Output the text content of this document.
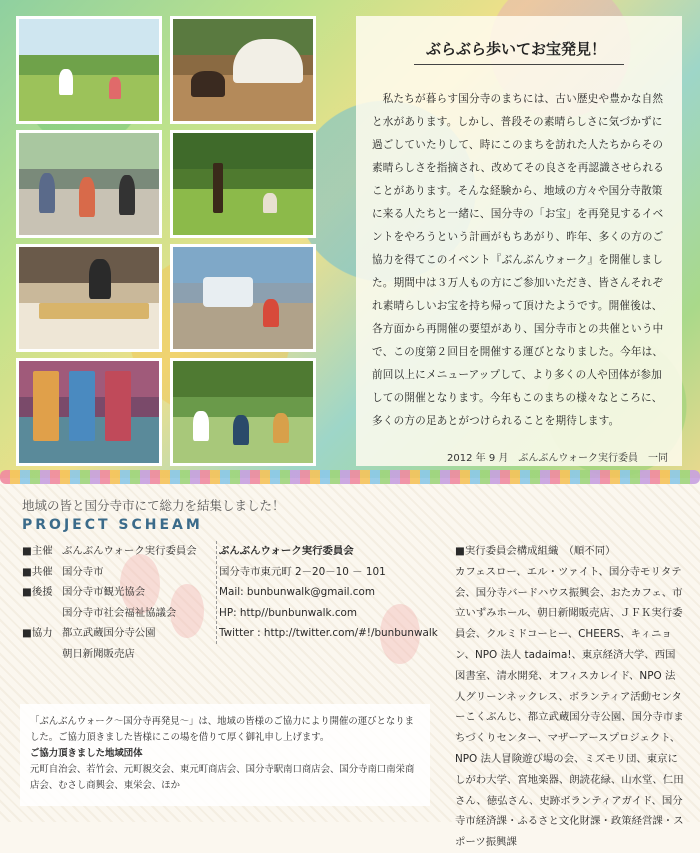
ぶらぶら歩いてお宝発見！
私たちが暮らす国分寺のまちには、古い歴史や豊かな自然と水があります。しかし、普段その素晴らしさに気づかずに過ごしていたりして、時にこのまちを訪れた人たちからその素晴らしさを指摘され、改めてその良さを再認識させられることがあります。そんな経験から、地域の方々や国分寺散策に来る人たちと一緒に、国分寺の「お宝」を再発見するイベントをやろうという計画がもちあがり、昨年、多くの方のご協力を得てこのイベント『ぶんぶんウォーク』を開催しました。期間中は３万人もの方にご参加いただき、皆さんそれぞれ素晴らしいお宝を持ち帰って頂けたようです。開催後は、各方面から再開催の要望があり、国分寺市との共催という中で、この度第２回目を開催する運びとなりました。今年は、前回以上にメニューアップして、より多くの人や団体が参加しての開催となります。今年もこのまちの様々なところに、多くの方の足あとがつけられることを期待します。
2012 年 9 月　ぶんぶんウォーク実行委員　一同
地域の皆と国分寺市にて総力を結集しました！
PROJECT SCHEAM
■主催 ぶんぶんウォーク実行委員会
■共催 国分寺市
■後援 国分寺市観光協会
国分寺市社会福祉協議会
■協力 都立武蔵国分寺公園
朝日新聞販売店
ぶんぶんウォーク実行委員会
国分寺市東元町 2－20－10 － 101
Mail: bunbunwalk@gmail.com
HP: http//bunbunwalk.com
Twitter : http://twitter.com/#!/bunbunwalk
■実行委員会構成組織　（順不同）
カフェスロー、エル・ツァイト、国分寺モリタテ会、国分寺バードハウス振興会、おたカフェ、市立いずみホール、朝日新聞販売店、ＪＦＫ実行委員会、クルミドコーヒー、CHEERS、キィニョン、NPO 法人 tadaima!、東京経済大学、西国図書室、清水開発、オフィスカレイド、NPO 法人グリーンネックレス、ボランティア活動センターこくぶんじ、都立武蔵国分寺公園、国分寺市まちづくりセンター、マザーアースプロジェクト、NPO 法人冒険遊び場の会、ミズモリ団、東京にしがわ大学、宮地楽器、朗読花緑、山水堂、仁田さん、徳弘さん、史跡ボランティアガイド、国分寺市経済課・ふるさと文化財課・政策経営課・スポーツ振興課
「ぶんぶんウォーク～国分寺再発見～」は、地域の皆様のご協力により開催の運びとなりました。ご協力頂きました皆様にこの場を借りて厚く御礼申し上げます。
ご協力頂きました地域団体
元町自治会、若竹会、元町親交会、東元町商店会、国分寺駅南口商店会、国分寺南口南栄商店会、むさし商興会、東栄会、ほか
